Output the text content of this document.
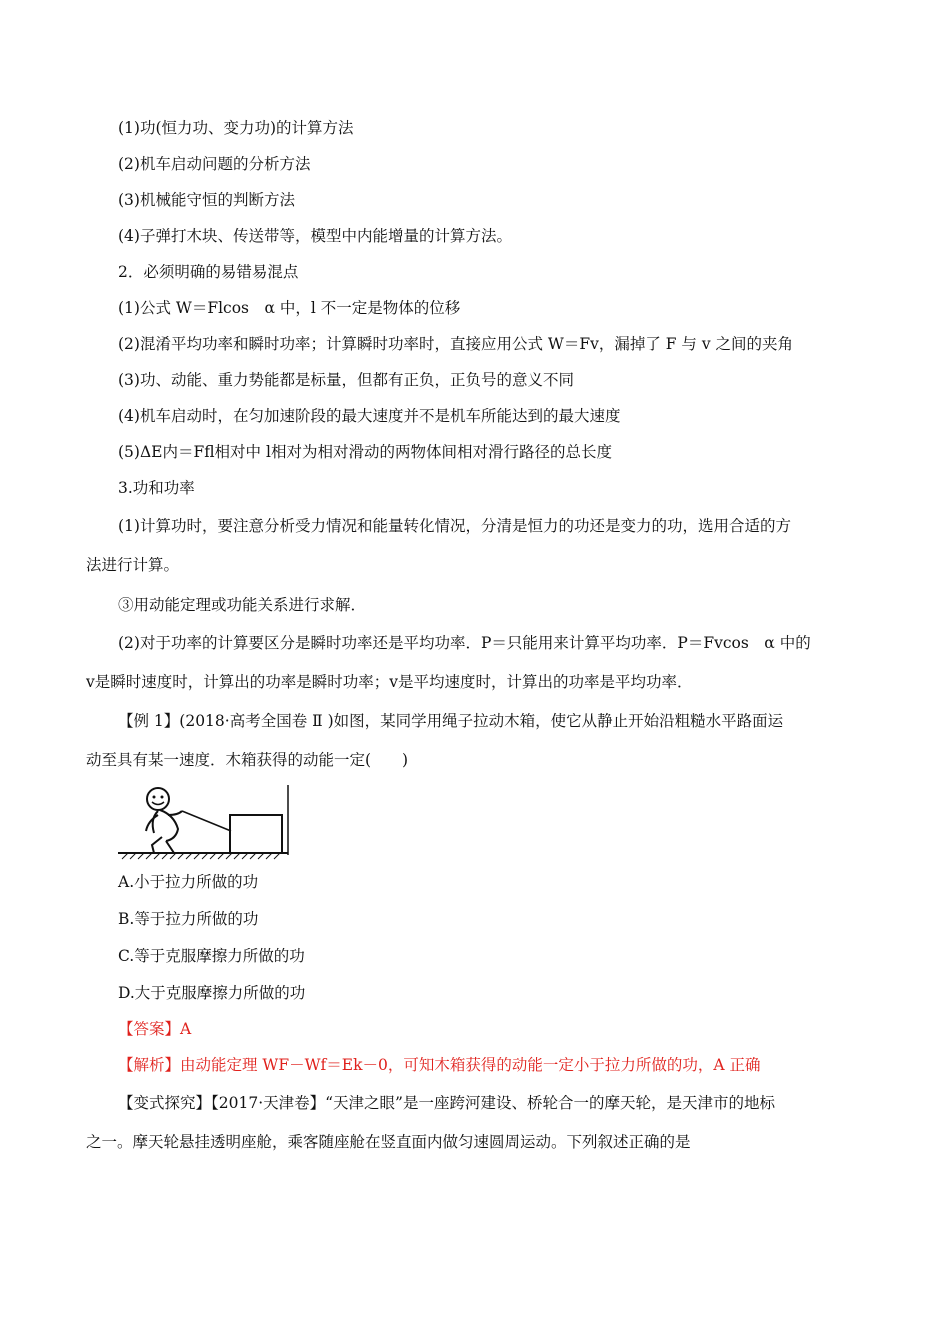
(1)功(恒力功、变力功)的计算方法
(2)机车启动问题的分析方法
(3)机械能守恒的判断方法
(4)子弹打木块、传送带等，模型中内能增量的计算方法。
2．必须明确的易错易混点
(1)公式 W＝Flcos　α 中，l 不一定是物体的位移
(2)混淆平均功率和瞬时功率；计算瞬时功率时，直接应用公式 W＝Fv，漏掉了 F 与 v 之间的夹角
(3)功、动能、重力势能都是标量，但都有正负，正负号的意义不同
(4)机车启动时，在匀加速阶段的最大速度并不是机车所能达到的最大速度
(5)ΔE内＝Ffl相对中 l相对为相对滑动的两物体间相对滑行路径的总长度
3.功和功率
(1)计算功时，要注意分析受力情况和能量转化情况，分清是恒力的功还是变力的功，选用合适的方
法进行计算。
③用动能定理或功能关系进行求解．
(2)对于功率的计算要区分是瞬时功率还是平均功率．P＝只能用来计算平均功率．P＝Fvcos　α 中的
v是瞬时速度时，计算出的功率是瞬时功率；v是平均速度时，计算出的功率是平均功率．
【例 1】(2018·高考全国卷 Ⅱ )如图，某同学用绳子拉动木箱，使它从静止开始沿粗糙水平路面运
动至具有某一速度．木箱获得的动能一定(　　)
A.小于拉力所做的功
B.等于拉力所做的功
C.等于克服摩擦力所做的功
D.大于克服摩擦力所做的功
【答案】A
【解析】由动能定理 WF－Wf＝Ek－0，可知木箱获得的动能一定小于拉力所做的功，A 正确
【变式探究】【2017·天津卷】“天津之眼”是一座跨河建设、桥轮合一的摩天轮，是天津市的地标
之一。摩天轮悬挂透明座舱，乘客随座舱在竖直面内做匀速圆周运动。下列叙述正确的是
